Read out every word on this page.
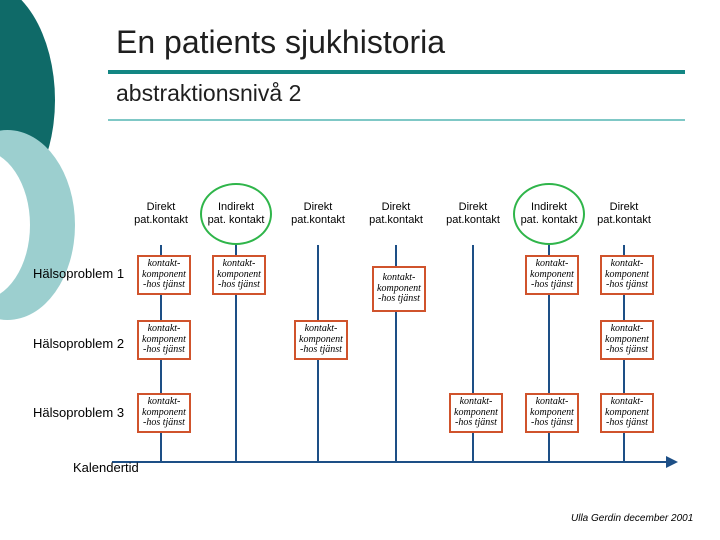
En patients sjukhistoria
abstraktionsnivå 2
Kalendertid
Direkt
pat.kontakt
Indirekt
pat. kontakt
Direkt
pat.kontakt
Direkt
pat.kontakt
Direkt
pat.kontakt
Indirekt
pat. kontakt
Direkt
pat.kontakt
Hälsoproblem 1
Hälsoproblem 2
Hälsoproblem 3
kontakt-
komponent
-hos tjänst
kontakt-
komponent
-hos tjänst
kontakt-
komponent
-hos tjänst
kontakt-
komponent
-hos tjänst
kontakt-
komponent
-hos tjänst
kontakt-
komponent
-hos tjänst
kontakt-
komponent
-hos tjänst
kontakt-
komponent
-hos tjänst
kontakt-
komponent
-hos tjänst
kontakt-
komponent
-hos tjänst
kontakt-
komponent
-hos tjänst
kontakt-
komponent
-hos tjänst
Ulla Gerdin december 2001
